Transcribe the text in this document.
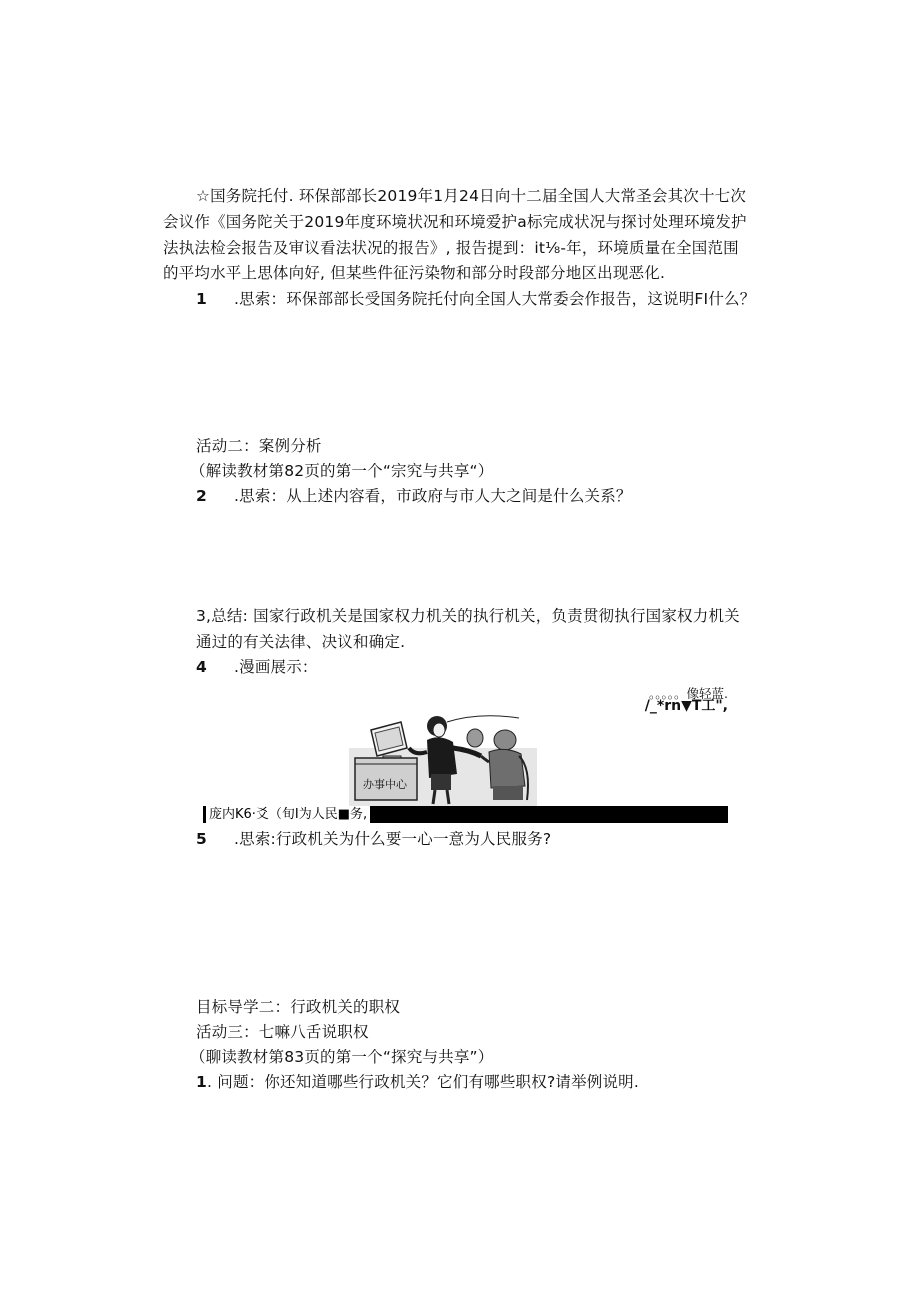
☆国务院托付. 环保部部长2019年1月24日向十二届全国人大常圣会其次十七次
会议作《国务陀关于2019年度环境状况和环境爱护a标完成状况与探讨处理环境发护
法执法检会报告及审议看法状况的报告》, 报告提到：it⅛-年，环境质量在全国范围
的平均水平上思体向好, 但某些件征污染物和部分时段部分地区出现恶化.
1 .思索：环保部部长受国务院托付向全国人大常委会作报告，这说明FI什么？
活动二：案例分析
（解读教材第82页的第一个“宗究与共享“）
2 .思索：从上述内容看，市政府与市人大之间是什么关系？
3,总结: 国家行政机关是国家权力机关的执行机关，负责贯彻执行国家权力机关
通过的有关法律、决议和确定.
4 .漫画展示：
。。。。。像轻蓝.
/_*rn▼T工",
办事中心
庞内K6·爻（旬I为人民■务,
5 .思索:行政机关为什么要一心一意为人民服务?
目标导学二：行政机关的职权
活动三：七嘛八舌说职权
（聊读教材第83页的第一个“探究与共享”）
1. 问题：你还知道哪些行政机关？它们有哪些职权?请举例说明.
